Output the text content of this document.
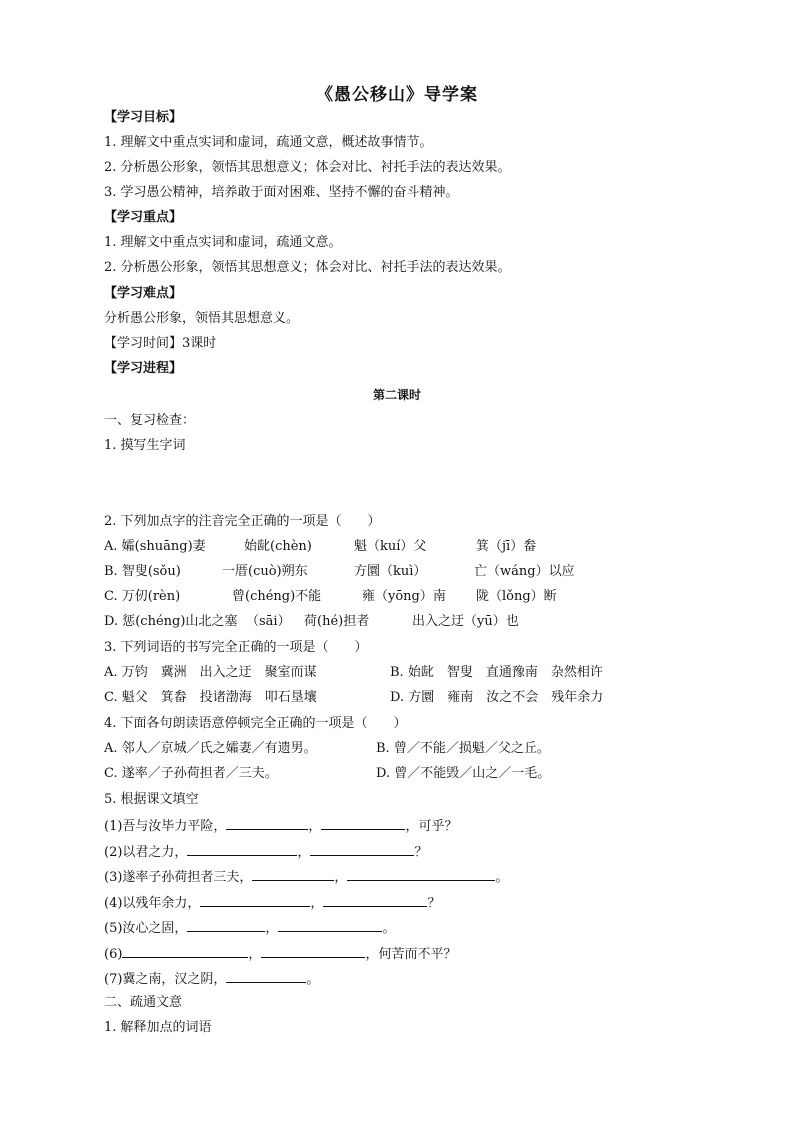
《愚公移山》导学案
【学习目标】
1. 理解文中重点实词和虚词，疏通文意，概述故事情节。
2. 分析愚公形象，领悟其思想意义；体会对比、衬托手法的表达效果。
3. 学习愚公精神，培养敢于面对困难、坚持不懈的奋斗精神。
【学习重点】
1. 理解文中重点实词和虚词，疏通文意。
2. 分析愚公形象，领悟其思想意义；体会对比、衬托手法的表达效果。
【学习难点】
分析愚公形象，领悟其思想意义。
【学习时间】3课时
【学习进程】
第二课时
一、复习检查：
1. 摸写生字词
2. 下列加点字的注音完全正确的一项是（　　）
A. 孀(shuāng)妻	始龀(chèn)	魁（kuí）父	箕（jī）畚
B. 智叟(sǒu)	一厝(cuò)朔东	方圜（kuì）	亡（wáng）以应
C. 万仞(rèn)	曾(chéng)不能	雍（yōng）南 陇（lǒng）断
D. 惩(chéng)山北之塞 （sāi） 荷(hé)担者	出入之迂（yū）也
3. 下列词语的书写完全正确的一项是（　　）
A. 万钧　冀洲　出入之迂　聚室而谋	B. 始龀　智叟　直通豫南　杂然相许
C. 魁父　箕畚　投诸渤海　叩石垦壤	D. 方圜　雍南　汝之不会　残年余力
4. 下面各句朗读语意停顿完全正确的一项是（　　）
A. 邻人／京城／氏之孀妻／有遗男。	B. 曾／不能／损魁／父之丘。
C. 遂率／子孙荷担者／三夫。	D. 曾／不能毁／山之／一毛。
5. 根据课文填空
(1)吾与汝毕力平险，	，	，可乎？
(2)以君之力，	，	？
(3)遂率子孙荷担者三夫，	，	。
(4)以残年余力，	，	？
(5)汝心之固，	，	。
(6)	，	，何苦而不平？
(7)冀之南，汉之阴，	。
二、疏通文意
1. 解释加点的词语
